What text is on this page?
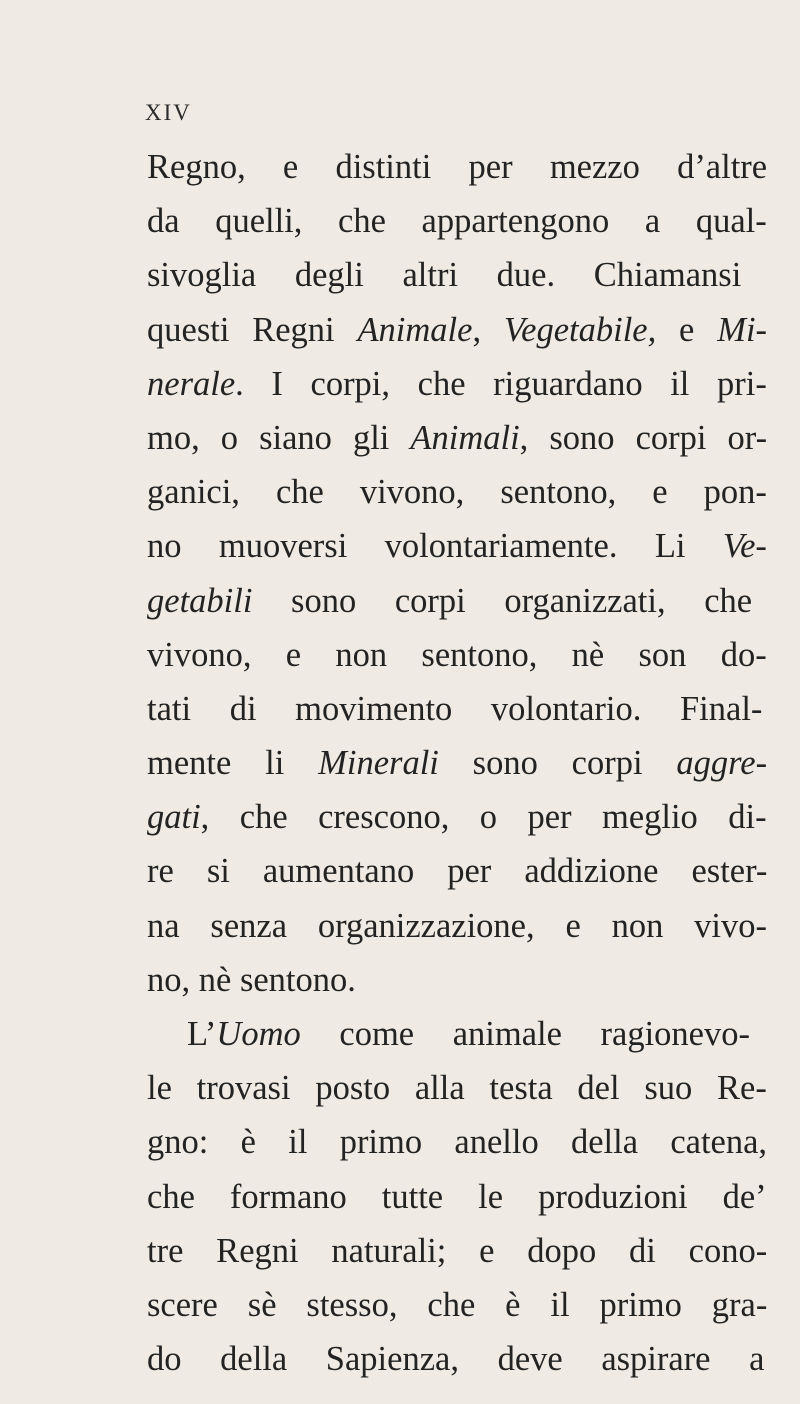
XIV
Regno, e distinti per mezzo d’altre
da quelli, che appartengono a qual-
sivoglia degli altri due. Chiamansi
questi Regni Animale, Vegetabile, e Mi-
nerale. I corpi, che riguardano il pri-
mo, o siano gli Animali, sono corpi or-
ganici, che vivono, sentono, e pon-
no muoversi volontariamente. Li Ve-
getabili sono corpi organizzati, che
vivono, e non sentono, nè son do-
tati di movimento volontario. Final-
mente li Minerali sono corpi aggre-
gati, che crescono, o per meglio di-
re si aumentano per addizione ester-
na senza organizzazione, e non vivo-
no, nè sentono.
L’Uomo come animale ragionevo-
le trovasi posto alla testa del suo Re-
gno: è il primo anello della catena,
che formano tutte le produzioni de’
tre Regni naturali; e dopo di cono-
scere sè stesso, che è il primo gra-
do della Sapienza, deve aspirare a
